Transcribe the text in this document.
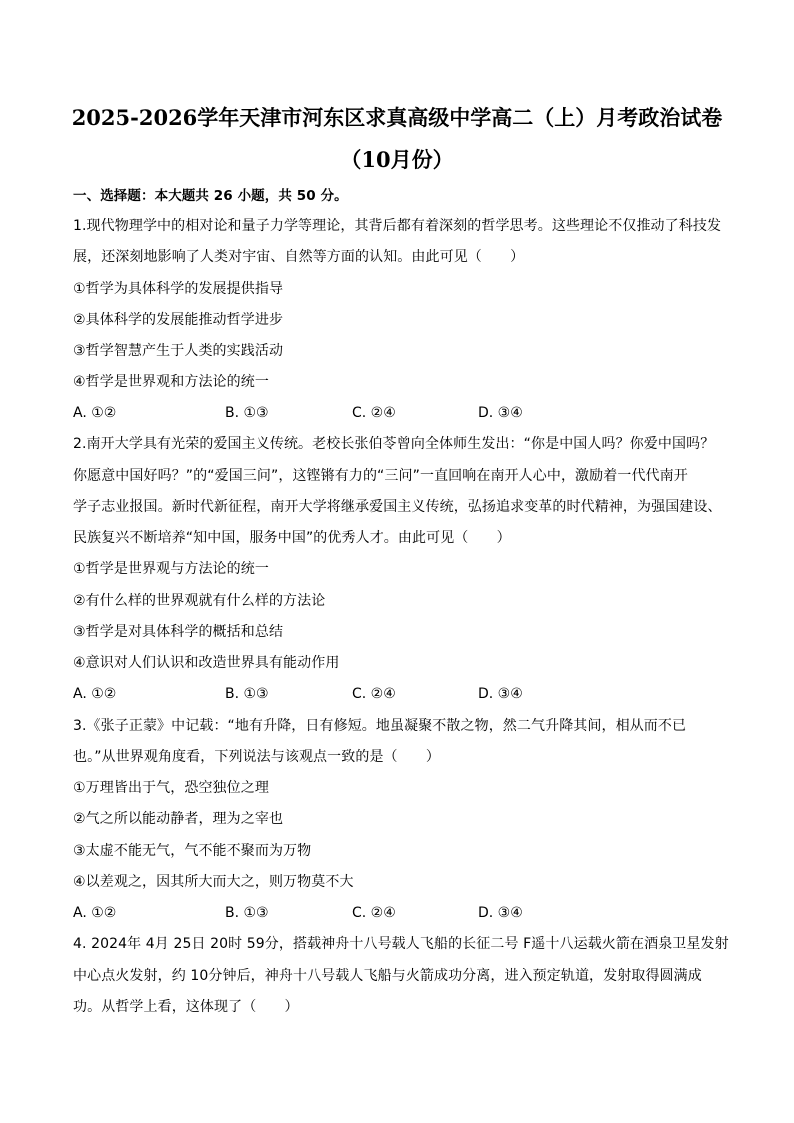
2025-2026学年天津市河东区求真高级中学高二（上）月考政治试卷
（10月份）
一、选择题：本大题共 26 小题，共 50 分。
1.现代物理学中的相对论和量子力学等理论，其背后都有着深刻的哲学思考。这些理论不仅推动了科技发
展，还深刻地影响了人类对宇宙、自然等方面的认知。由此可见（　　）
①哲学为具体科学的发展提供指导
②具体科学的发展能推动哲学进步
③哲学智慧产生于人类的实践活动
④哲学是世界观和方法论的统一
A. ①②	B. ①③	C. ②④	D. ③④
2.南开大学具有光荣的爱国主义传统。老校长张伯苓曾向全体师生发出：“你是中国人吗？你爱中国吗？
你愿意中国好吗？”的“爱国三问”，这铿锵有力的“三问”一直回响在南开人心中，激励着一代代南开
学子志业报国。新时代新征程，南开大学将继承爱国主义传统，弘扬追求变革的时代精神，为强国建设、
民族复兴不断培养“知中国，服务中国”的优秀人才。由此可见（　　）
①哲学是世界观与方法论的统一
②有什么样的世界观就有什么样的方法论
③哲学是对具体科学的概括和总结
④意识对人们认识和改造世界具有能动作用
A. ①②	B. ①③	C. ②④	D. ③④
3.《张子正蒙》中记载：“地有升降，日有修短。地虽凝聚不散之物，然二气升降其间，相从而不已
也。”从世界观角度看，下列说法与该观点一致的是（　　）
①万理皆出于气，恐空独位之理
②气之所以能动静者，理为之宰也
③太虚不能无气，气不能不聚而为万物
④以差观之，因其所大而大之，则万物莫不大
A. ①②	B. ①③	C. ②④	D. ③④
4. 2024年 4月 25日 20时 59分，搭载神舟十八号载人飞船的长征二号 F遥十八运载火箭在酒泉卫星发射
中心点火发射，约 10分钟后，神舟十八号载人飞船与火箭成功分离，进入预定轨道，发射取得圆满成
功。从哲学上看，这体现了（　　）
